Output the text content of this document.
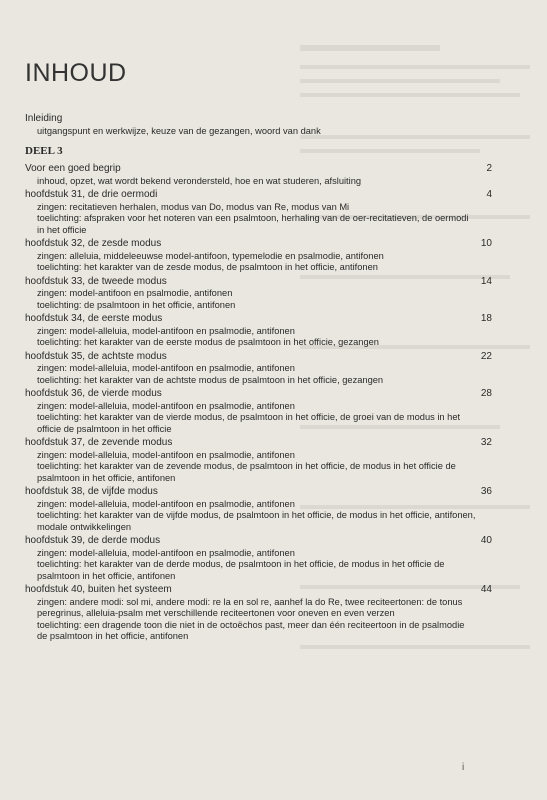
INHOUD
Inleiding
uitgangspunt en werkwijze, keuze van de gezangen, woord van dank
DEEL 3
Voor een goed begrip	2
inhoud, opzet, wat wordt bekend verondersteld, hoe en wat studeren, afsluiting
hoofdstuk 31, de drie oermodi	4
zingen: recitatieven herhalen, modus van Do, modus van Re, modus van Mi
toelichting: afspraken voor het noteren van een psalmtoon, herhaling van de oer-recitatieven, de oermodi in het officie
hoofdstuk 32, de zesde modus	10
zingen: alleluia, middeleeuwse model-antifoon, typemelodie en psalmodie, antifonen
toelichting: het karakter van de zesde modus, de psalmtoon in het officie, antifonen
hoofdstuk 33, de tweede modus	14
zingen: model-antifoon en psalmodie, antifonen
toelichting: de psalmtoon in het officie, antifonen
hoofdstuk 34, de eerste modus	18
zingen: model-alleluia, model-antifoon en psalmodie, antifonen
toelichting: het karakter van de eerste modus de psalmtoon in het officie, gezangen
hoofdstuk 35, de achtste modus	22
zingen: model-alleluia, model-antifoon en psalmodie, antifonen
toelichting: het karakter van de achtste modus de psalmtoon in het officie, gezangen
hoofdstuk 36, de vierde modus	28
zingen: model-alleluia, model-antifoon en psalmodie, antifonen
toelichting: het karakter van de vierde modus, de psalmtoon in het officie, de groei van de modus in het officie de psalmtoon in het officie
hoofdstuk 37, de zevende modus	32
zingen: model-alleluia, model-antifoon en psalmodie, antifonen
toelichting: het karakter van de zevende modus, de psalmtoon in het officie, de modus in het officie de psalmtoon in het officie, antifonen
hoofdstuk 38, de vijfde modus	36
zingen: model-alleluia, model-antifoon en psalmodie, antifonen
toelichting: het karakter van de vijfde modus, de psalmtoon in het officie, de modus in het officie, antifonen, modale ontwikkelingen
hoofdstuk 39, de derde modus	40
zingen: model-alleluia, model-antifoon en psalmodie, antifonen
toelichting: het karakter van de derde modus, de psalmtoon in het officie, de modus in het officie de psalmtoon in het officie, antifonen
hoofdstuk 40, buiten het systeem	44
zingen: andere modi: sol mi, andere modi: re la en sol re, aanhef la do Re, twee reciteertonen: de tonus peregrinus, alleluia-psalm met verschillende reciteertonen voor oneven en even verzen
toelichting: een dragende toon die niet in de octoëchos past, meer dan één reciteertoon in de psalmodie de psalmtoon in het officie, antifonen
i
